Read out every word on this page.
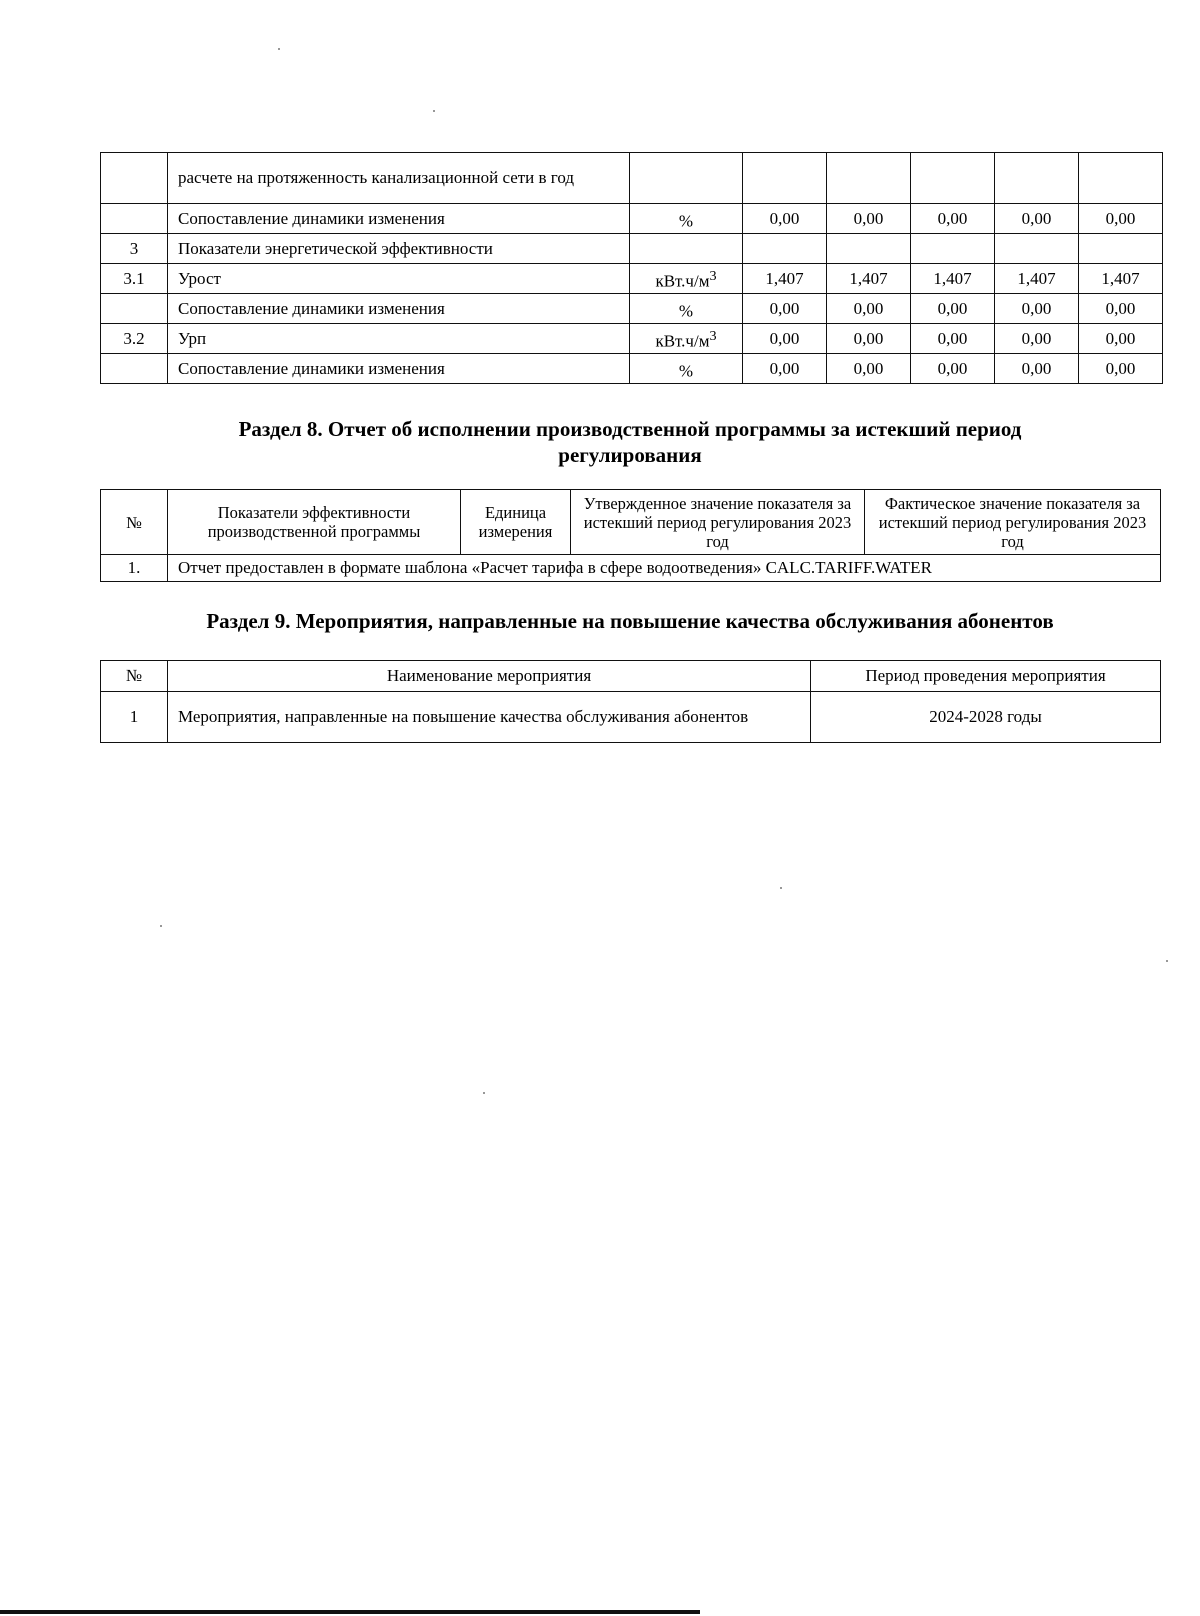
	расчете на протяженность канализационной сети в год						
	Сопоставление динамики изменения	%	0,00	0,00	0,00	0,00	0,00
3	Показатели энергетической эффективности						
3.1	Урост	$кВт.ч/м^3$	1,407	1,407	1,407	1,407	1,407
	Сопоставление динамики изменения	%	0,00	0,00	0,00	0,00	0,00
3.2	Урп	$кВт.ч/м^3$	0,00	0,00	0,00	0,00	0,00
	Сопоставление динамики изменения	%	0,00	0,00	0,00	0,00	0,00
Раздел 8. Отчет об исполнении производственной программы за истекший период
регулирования
№	Показатели эффективности производственной программы	Единица измерения	Утвержденное значение показателя за истекший период регулирования 2023 год	Фактическое значение показателя за истекший период регулирования 2023 год
1.	Отчет предоставлен в формате шаблона «Расчет тарифа в сфере водоотведения» CALC.TARIFF.WATER			
Раздел 9. Мероприятия, направленные на повышение качества обслуживания абонентов
№	Наименование мероприятия	Период проведения мероприятия
1	Мероприятия, направленные на повышение качества обслуживания абонентов	2024-2028 годы
